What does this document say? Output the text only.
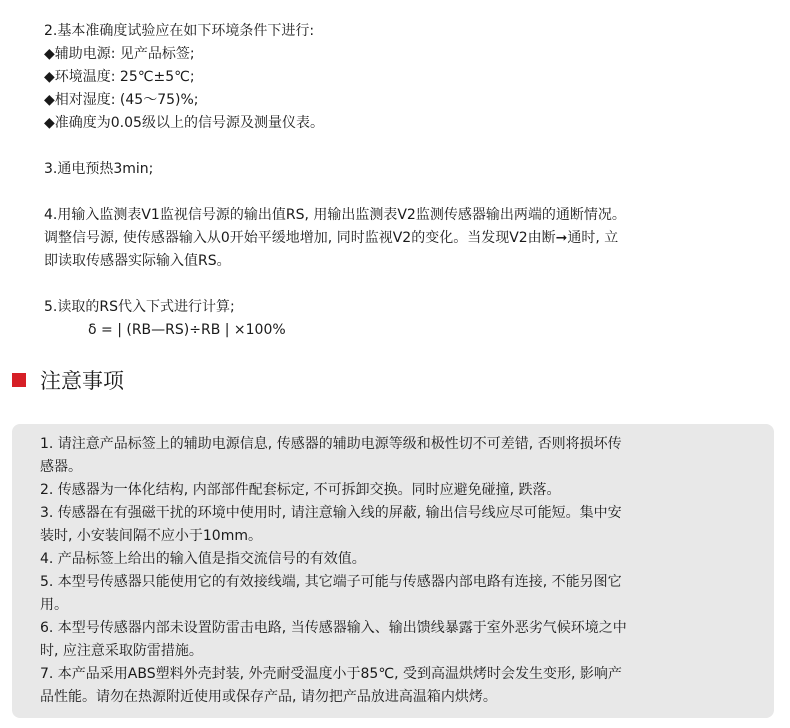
2.基本准确度试验应在如下环境条件下进行:
◆辅助电源: 见产品标签;
◆环境温度: 25℃±5℃;
◆相对湿度: (45～75)%;
◆准确度为0.05级以上的信号源及测量仪表。
3.通电预热3min;
4.用输入监测表V1监视信号源的输出值RS, 用输出监测表V2监测传感器输出两端的通断情况。
调整信号源, 使传感器输入从0开始平缓地增加, 同时监视V2的变化。当发现V2由断➞通时, 立
即读取传感器实际输入值RS。
5.读取的RS代入下式进行计算;
δ = | (RB—RS)÷RB | ×100%
注意事项
1. 请注意产品标签上的辅助电源信息, 传感器的辅助电源等级和极性切不可差错, 否则将损坏传
感器。
2. 传感器为一体化结构, 内部部件配套标定, 不可拆卸交换。同时应避免碰撞, 跌落。
3. 传感器在有强磁干扰的环境中使用时, 请注意输入线的屏蔽, 输出信号线应尽可能短。集中安
装时, 小安装间隔不应小于10mm。
4. 产品标签上给出的输入值是指交流信号的有效值。
5. 本型号传感器只能使用它的有效接线端, 其它端子可能与传感器内部电路有连接, 不能另图它
用。
6. 本型号传感器内部未设置防雷击电路, 当传感器输入、输出馈线暴露于室外恶劣气候环境之中
时, 应注意采取防雷措施。
7. 本产品采用ABS塑料外壳封装, 外壳耐受温度小于85℃, 受到高温烘烤时会发生变形, 影响产
品性能。请勿在热源附近使用或保存产品, 请勿把产品放进高温箱内烘烤。
